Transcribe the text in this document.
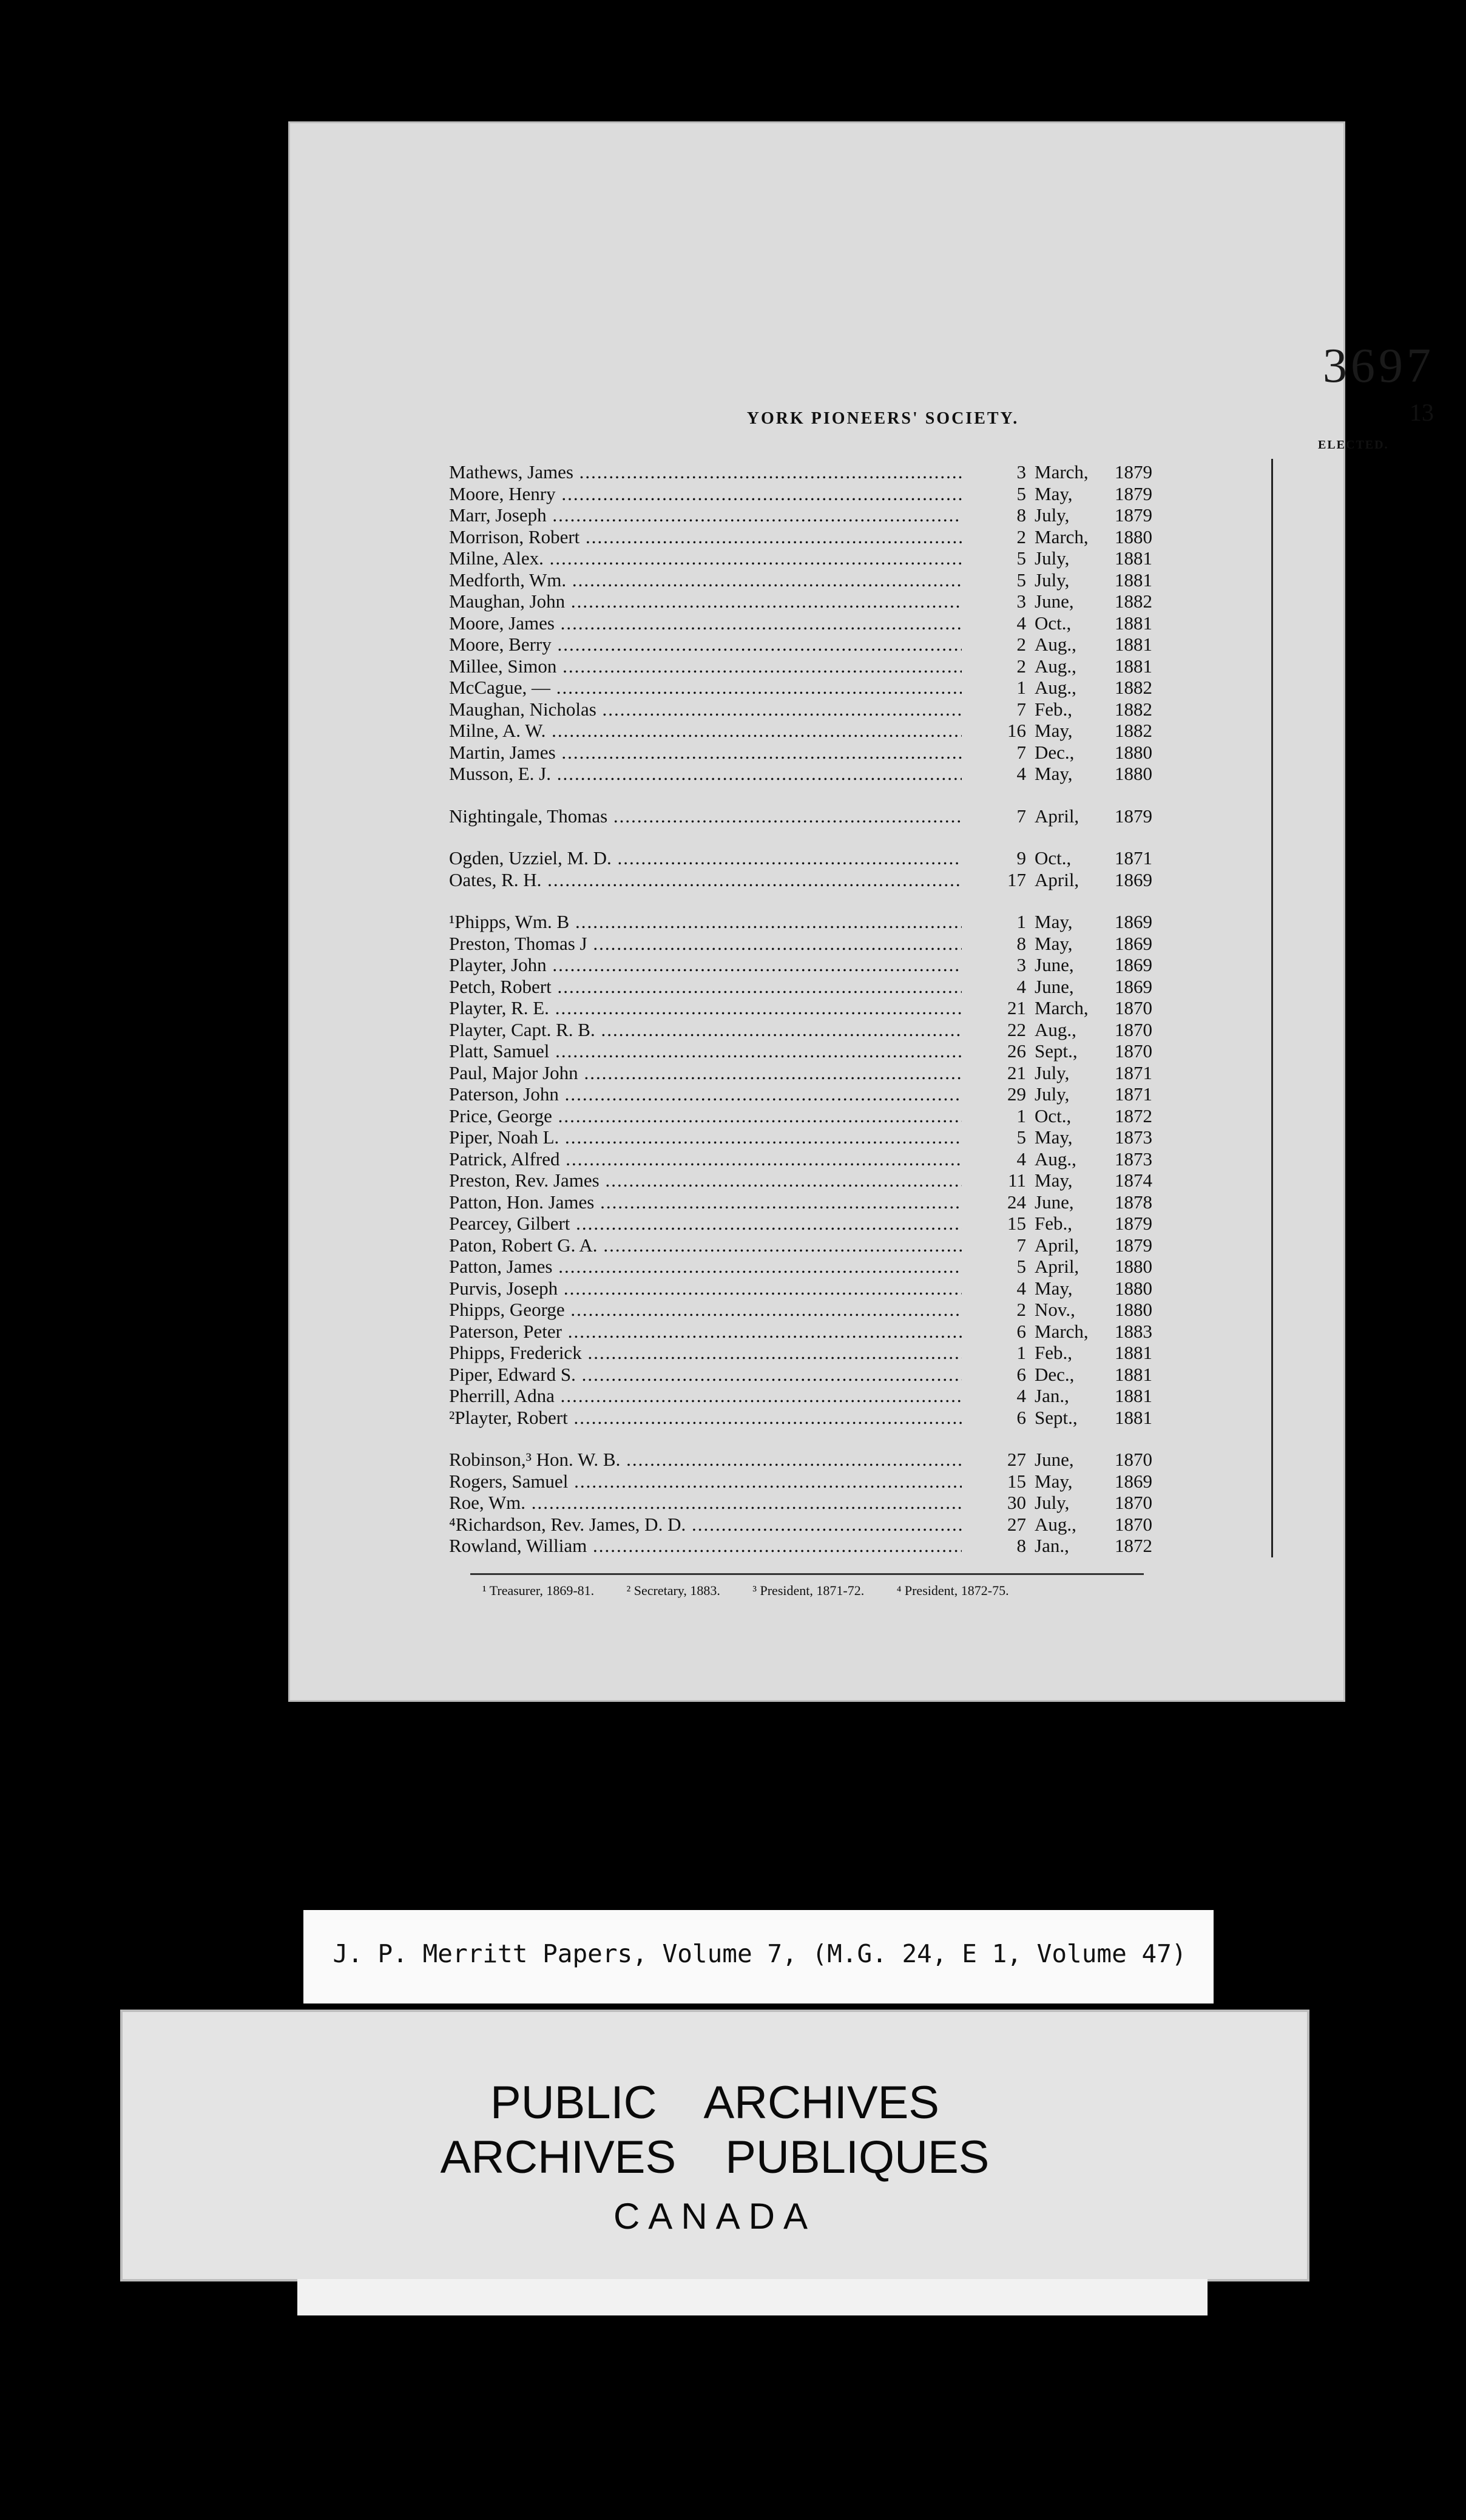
3697
YORK PIONEERS' SOCIETY.	13
ELECTED.
Mathews, James .....	3 March, 1879
Moore, Henry .....	5 May, 1879
Marr, Joseph .....	8 July, 1879
Morrison, Robert .....	2 March, 1880
Milne, Alex. .....	5 July, 1881
Medforth, Wm. .....	5 July, 1881
Maughan, John .....	3 June, 1882
Moore, James .....	4 Oct., 1881
Moore, Berry .....	2 Aug., 1881
Millee, Simon .....	2 Aug., 1881
McCague, — .....	1 Aug., 1882
Maughan, Nicholas .....	7 Feb., 1882
Milne, A. W. .....	16 May, 1882
Martin, James .....	7 Dec., 1880
Musson, E. J. .....	4 May, 1880
Nightingale, Thomas .....	7 April, 1879
Ogden, Uzziel, M. D. .....	9 Oct., 1871
Oates, R. H. .....	17 April, 1869
¹Phipps, Wm. B .....	1 May, 1869
Preston, Thomas J .....	8 May, 1869
Playter, John .....	3 June, 1869
Petch, Robert .....	4 June, 1869
Playter, R. E. .....	21 March, 1870
Playter, Capt. R. B. .....	22 Aug., 1870
Platt, Samuel .....	26 Sept., 1870
Paul, Major John .....	21 July, 1871
Paterson, John .....	29 July, 1871
Price, George .....	1 Oct., 1872
Piper, Noah L. .....	5 May, 1873
Patrick, Alfred .....	4 Aug., 1873
Preston, Rev. James .....	11 May, 1874
Patton, Hon. James .....	24 June, 1878
Pearcey, Gilbert .....	15 Feb., 1879
Paton, Robert G. A. .....	7 April, 1879
Patton, James .....	5 April, 1880
Purvis, Joseph .....	4 May, 1880
Phipps, George .....	2 Nov., 1880
Paterson, Peter .....	6 March, 1883
Phipps, Frederick .....	1 Feb., 1881
Piper, Edward S. .....	6 Dec., 1881
Pherrill, Adna .....	4 Jan., 1881
²Playter, Robert .....	6 Sept., 1881
Robinson,³ Hon. W. B. .....	27 June, 1870
Rogers, Samuel .....	15 May, 1869
Roe, Wm. .....	30 July, 1870
⁴Richardson, Rev. James, D. D. .....	27 Aug., 1870
Rowland, William .....	8 Jan., 1872
¹ Treasurer, 1869-81. ² Secretary, 1883. ³ President, 1871-72. ⁴ President, 1872-75.
J. P. Merritt Papers, Volume 7, (M.G. 24, E 1, Volume 47)
PUBLIC ARCHIVES
ARCHIVES PUBLIQUES
CANADA
